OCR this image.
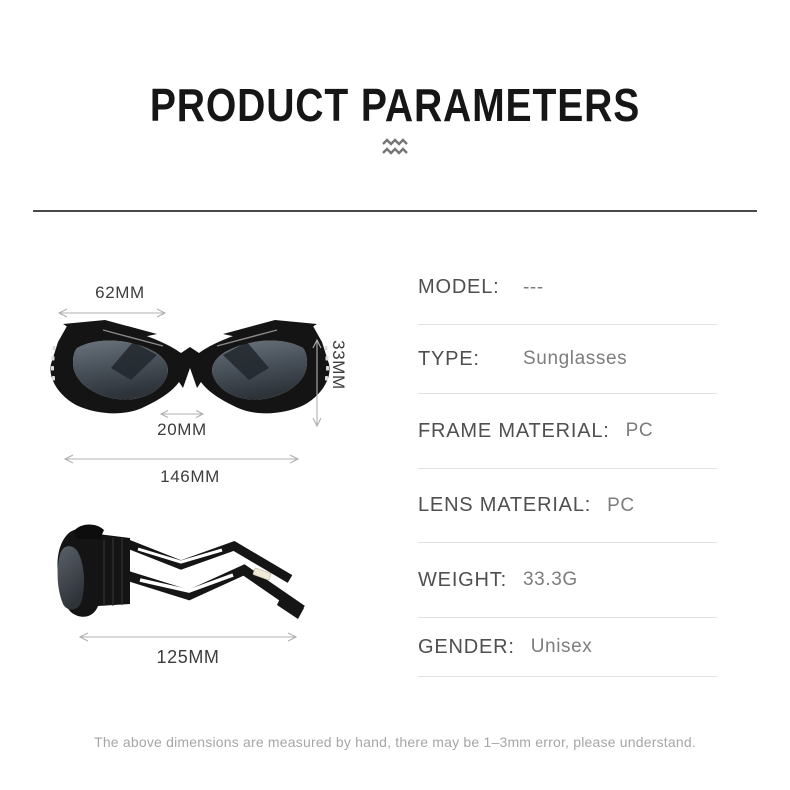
PRODUCT PARAMETERS
62MM
33MM
20MM
146MM
125MM
MODEL:	---
TYPE:	Sunglasses
FRAME MATERIAL: PC
LENS MATERIAL: PC
WEIGHT: 33.3G
GENDER: Unisex
The above dimensions are measured by hand, there may be 1–3mm error, please understand.
